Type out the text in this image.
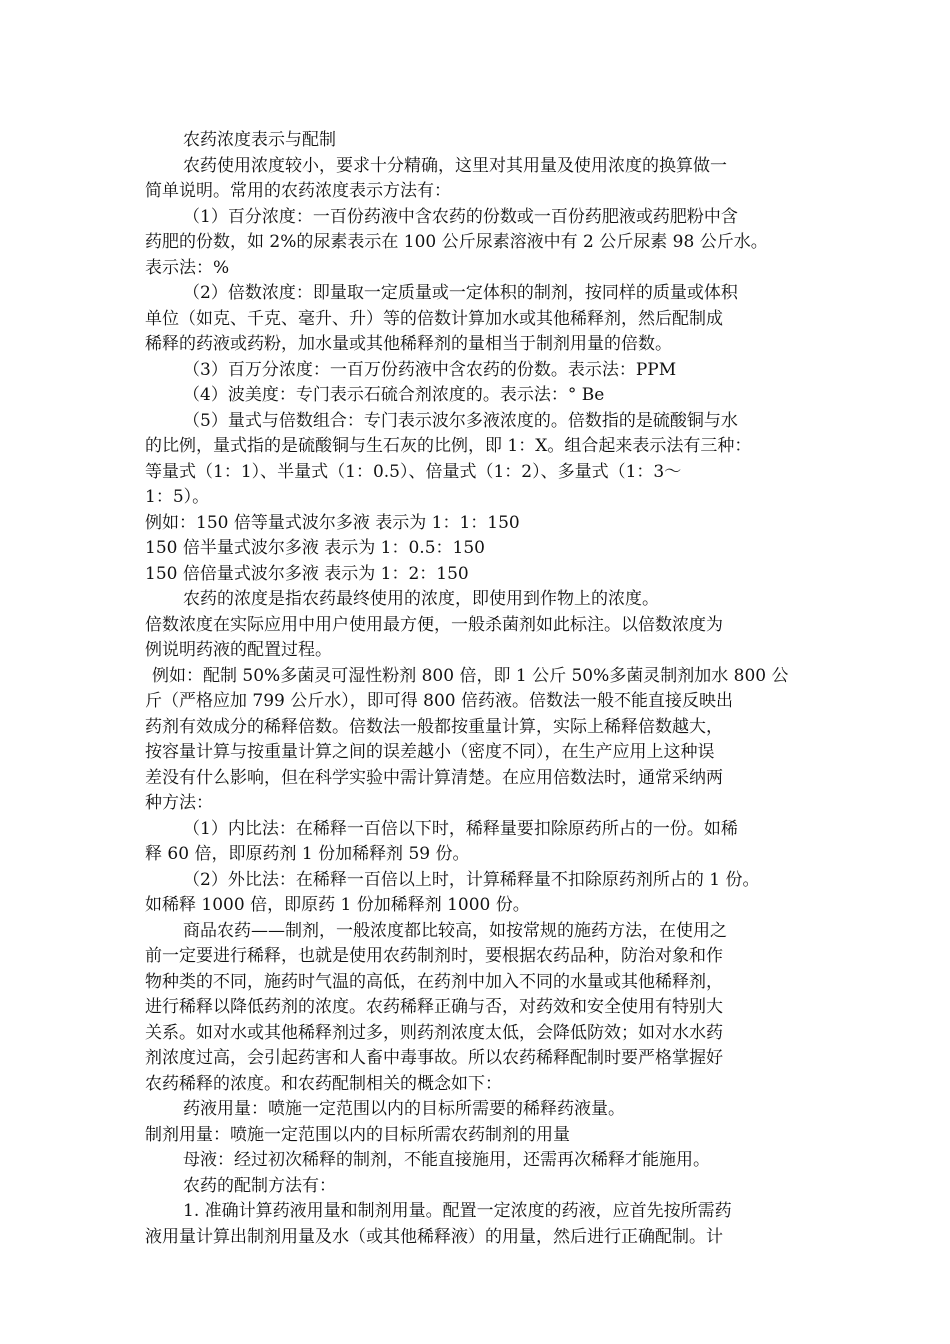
农药浓度表示与配制
农药使用浓度较小，要求十分精确，这里对其用量及使用浓度的换算做一
简单说明。常用的农药浓度表示方法有：
（1）百分浓度：一百份药液中含农药的份数或一百份药肥液或药肥粉中含
药肥的份数，如 2%的尿素表示在 100 公斤尿素溶液中有 2 公斤尿素 98 公斤水。
表示法：%
（2）倍数浓度：即量取一定质量或一定体积的制剂，按同样的质量或体积
单位（如克、千克、毫升、升）等的倍数计算加水或其他稀释剂，然后配制成
稀释的药液或药粉，加水量或其他稀释剂的量相当于制剂用量的倍数。
（3）百万分浓度：一百万份药液中含农药的份数。表示法：PPM
（4）波美度：专门表示石硫合剂浓度的。表示法：° Be
（5）量式与倍数组合：专门表示波尔多液浓度的。倍数指的是硫酸铜与水
的比例，量式指的是硫酸铜与生石灰的比例，即 1：X。组合起来表示法有三种：
等量式（1：1）、半量式（1：0.5）、倍量式（1：2）、多量式（1：3～
1：5）。
例如：150 倍等量式波尔多液 表示为 1：1：150
150 倍半量式波尔多液 表示为 1：0.5：150
150 倍倍量式波尔多液 表示为 1：2：150
农药的浓度是指农药最终使用的浓度，即使用到作物上的浓度。
倍数浓度在实际应用中用户使用最方便，一般杀菌剂如此标注。以倍数浓度为
例说明药液的配置过程。
例如：配制 50%多菌灵可湿性粉剂 800 倍，即 1 公斤 50%多菌灵制剂加水 800 公
斤（严格应加 799 公斤水），即可得 800 倍药液。倍数法一般不能直接反映出
药剂有效成分的稀释倍数。倍数法一般都按重量计算，实际上稀释倍数越大，
按容量计算与按重量计算之间的误差越小（密度不同），在生产应用上这种误
差没有什么影响，但在科学实验中需计算清楚。在应用倍数法时，通常采纳两
种方法：
（1）内比法：在稀释一百倍以下时，稀释量要扣除原药所占的一份。如稀
释 60 倍，即原药剂 1 份加稀释剂 59 份。
（2）外比法：在稀释一百倍以上时，计算稀释量不扣除原药剂所占的 1 份。
如稀释 1000 倍，即原药 1 份加稀释剂 1000 份。
商品农药——制剂，一般浓度都比较高，如按常规的施药方法，在使用之
前一定要进行稀释，也就是使用农药制剂时，要根据农药品种，防治对象和作
物种类的不同，施药时气温的高低，在药剂中加入不同的水量或其他稀释剂，
进行稀释以降低药剂的浓度。农药稀释正确与否，对药效和安全使用有特别大
关系。如对水或其他稀释剂过多，则药剂浓度太低，会降低防效；如对水水药
剂浓度过高，会引起药害和人畜中毒事故。所以农药稀释配制时要严格掌握好
农药稀释的浓度。和农药配制相关的概念如下：
药液用量：喷施一定范围以内的目标所需要的稀释药液量。
制剂用量：喷施一定范围以内的目标所需农药制剂的用量
母液：经过初次稀释的制剂，不能直接施用，还需再次稀释才能施用。
农药的配制方法有：
1. 准确计算药液用量和制剂用量。配置一定浓度的药液，应首先按所需药
液用量计算出制剂用量及水（或其他稀释液）的用量，然后进行正确配制。计
